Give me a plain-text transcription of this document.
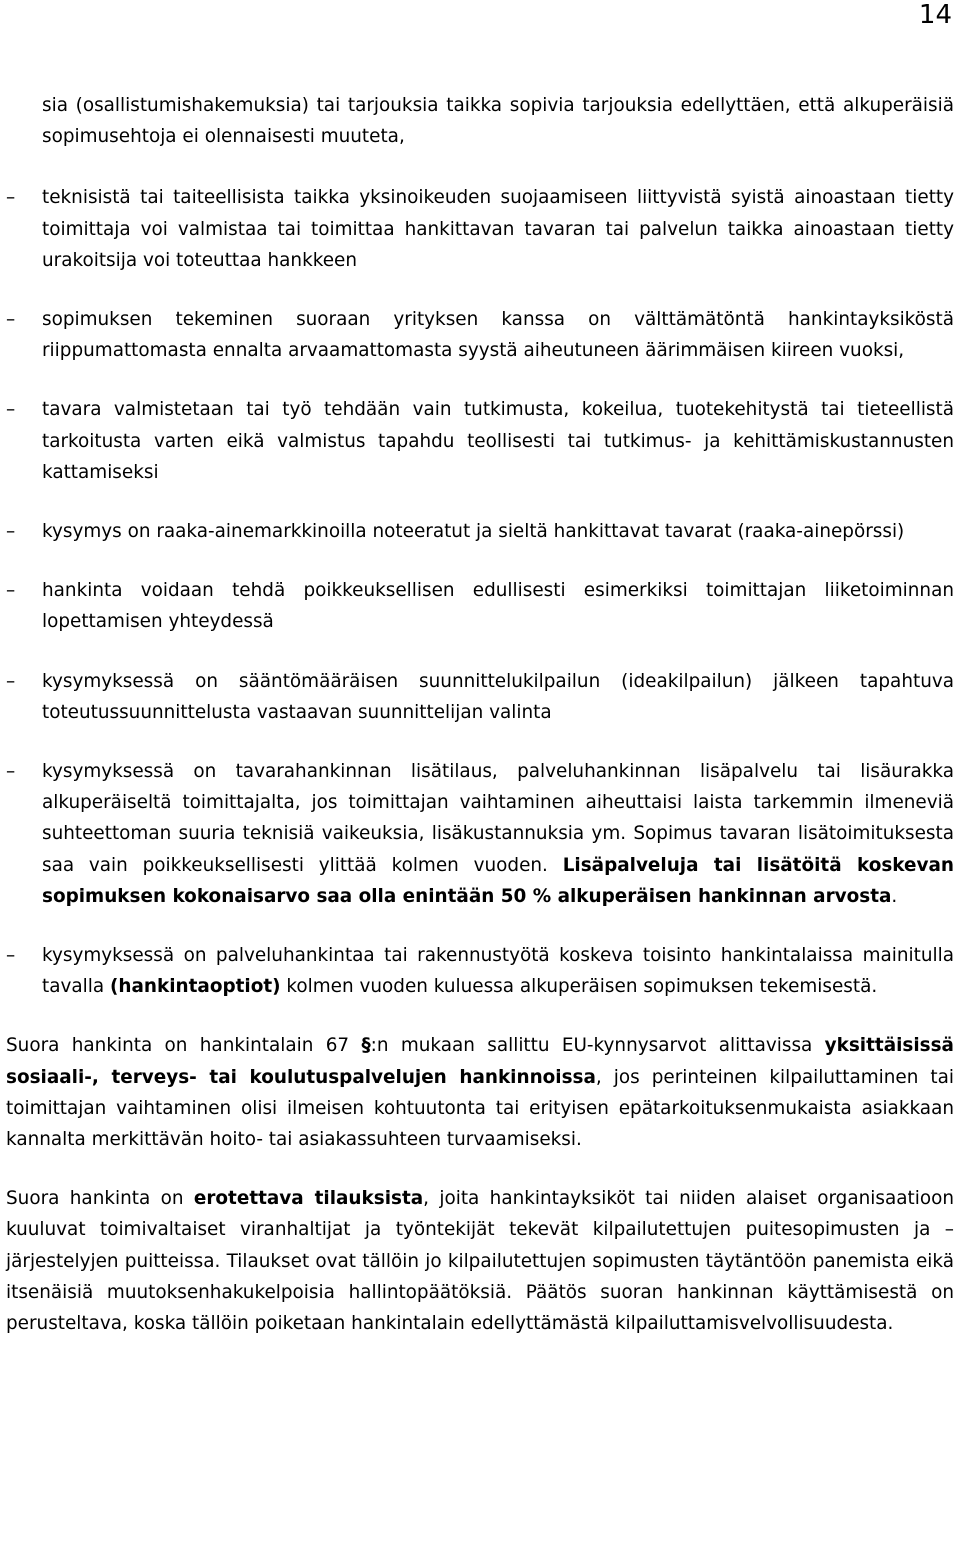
14
sia (osallistumishakemuksia) tai tarjouksia taikka sopivia tarjouksia edellyttäen, että alkuperäisiä sopimusehtoja ei olennaisesti muuteta,
– teknisistä tai taiteellisista taikka yksinoikeuden suojaamiseen liittyvistä syistä ainoastaan tietty toimittaja voi valmistaa tai toimittaa hankittavan tavaran tai palvelun taikka ainoastaan tietty urakoitsija voi toteuttaa hankkeen
– sopimuksen tekeminen suoraan yrityksen kanssa on välttämätöntä hankintayksiköstä riippumattomasta ennalta arvaamattomasta syystä aiheutuneen äärimmäisen kiireen vuoksi,
– tavara valmistetaan tai työ tehdään vain tutkimusta, kokeilua, tuotekehitystä tai tieteellistä tarkoitusta varten eikä valmistus tapahdu teollisesti tai tutkimus- ja kehittämiskustannusten kattamiseksi
– kysymys on raaka-ainemarkkinoilla noteeratut ja sieltä hankittavat tavarat (raaka-ainepörssi)
– hankinta voidaan tehdä poikkeuksellisen edullisesti esimerkiksi toimittajan liiketoiminnan lopettamisen yhteydessä
– kysymyksessä on sääntömääräisen suunnittelukilpailun (ideakilpailun) jälkeen tapahtuva toteutussuunnittelusta vastaavan suunnittelijan valinta
– kysymyksessä on tavarahankinnan lisätilaus, palveluhankinnan lisäpalvelu tai lisäurakka alkuperäiseltä toimittajalta, jos toimittajan vaihtaminen aiheuttaisi laista tarkemmin ilmeneviä suhteettoman suuria teknisiä vaikeuksia, lisäkustannuksia ym. Sopimus tavaran lisätoimituksesta saa vain poikkeuksellisesti ylittää kolmen vuoden. Lisäpalveluja tai lisätöitä koskevan sopimuksen kokonaisarvo saa olla enintään 50 % alkuperäisen hankinnan arvosta.
– kysymyksessä on palveluhankintaa tai rakennustyötä koskeva toisinto hankintalaissa mainitulla tavalla (hankintaoptiot) kolmen vuoden kuluessa alkuperäisen sopimuksen tekemisestä.

Suora hankinta on hankintalain 67 §:n mukaan sallittu EU-kynnysarvot alittavissa yksittäisissä sosiaali-, terveys- tai koulutuspalvelujen hankinnoissa, jos perinteinen kilpailuttaminen tai toimittajan vaihtaminen olisi ilmeisen kohtuutonta tai erityisen epätarkoituksenmukaista asiakkaan kannalta merkittävän hoito- tai asiakassuhteen turvaamiseksi.

Suora hankinta on erotettava tilauksista, joita hankintayksiköt tai niiden alaiset organisaatioon kuuluvat toimivaltaiset viranhaltijat ja työntekijät tekevät kilpailutettujen puitesopimusten ja – järjestelyjen puitteissa. Tilaukset ovat tällöin jo kilpailutettujen sopimusten täytäntöön panemista eikä itsenäisiä muutoksenhakukelpoisia hallintopäätöksiä. Päätös suoran hankinnan käyttämisestä on perusteltava, koska tällöin poiketaan hankintalain edellyttämästä kilpailuttamisvelvollisuudesta.
